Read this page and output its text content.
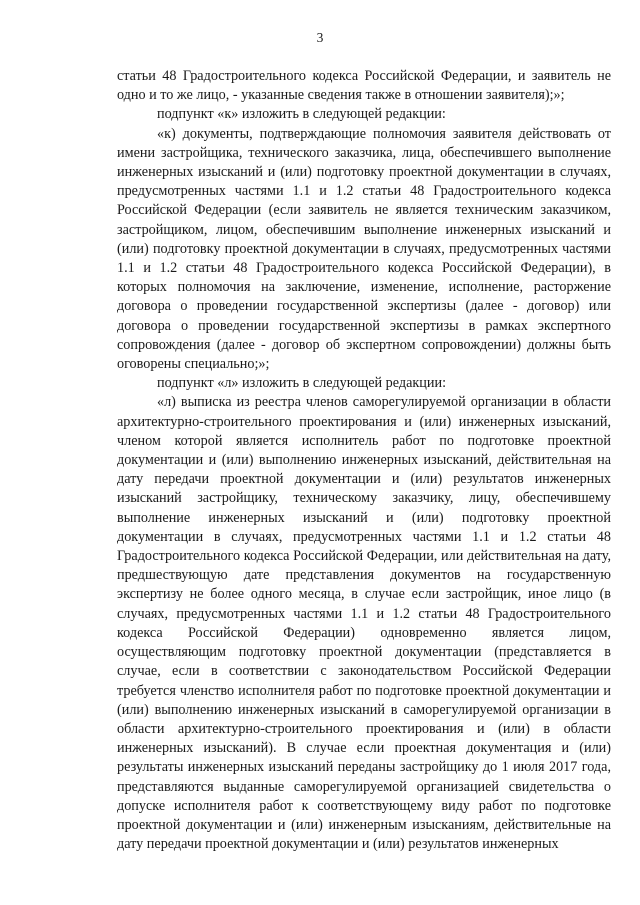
3

статьи 48 Градостроительного кодекса Российской Федерации, и заявитель не одно и то же лицо, - указанные сведения также в отношении заявителя);»;

подпункт «к» изложить в следующей редакции:

«к) документы, подтверждающие полномочия заявителя действовать от имени застройщика, технического заказчика, лица, обеспечившего выполнение инженерных изысканий и (или) подготовку проектной документации в случаях, предусмотренных частями 1.1 и 1.2 статьи 48 Градостроительного кодекса Российской Федерации (если заявитель не является техническим заказчиком, застройщиком, лицом, обеспечившим выполнение инженерных изысканий и (или) подготовку проектной документации в случаях, предусмотренных частями 1.1 и 1.2 статьи 48 Градостроительного кодекса Российской Федерации), в которых полномочия на заключение, изменение, исполнение, расторжение договора о проведении государственной экспертизы (далее - договор) или договора о проведении государственной экспертизы в рамках экспертного сопровождения (далее - договор об экспертном сопровождении) должны быть оговорены специально;»;

подпункт «л» изложить в следующей редакции:

«л) выписка из реестра членов саморегулируемой организации в области архитектурно-строительного проектирования и (или) инженерных изысканий, членом которой является исполнитель работ по подготовке проектной документации и (или) выполнению инженерных изысканий, действительная на дату передачи проектной документации и (или) результатов инженерных изысканий застройщику, техническому заказчику, лицу, обеспечившему выполнение инженерных изысканий и (или) подготовку проектной документации в случаях, предусмотренных частями 1.1 и 1.2 статьи 48 Градостроительного кодекса Российской Федерации, или действительная на дату, предшествующую дате представления документов на государственную экспертизу не более одного месяца, в случае если застройщик, иное лицо (в случаях, предусмотренных частями 1.1 и 1.2 статьи 48 Градостроительного кодекса Российской Федерации) одновременно является лицом, осуществляющим подготовку проектной документации (представляется в случае, если в соответствии с законодательством Российской Федерации требуется членство исполнителя работ по подготовке проектной документации и (или) выполнению инженерных изысканий в саморегулируемой организации в области архитектурно-строительного проектирования и (или) в области инженерных изысканий). В случае если проектная документация и (или) результаты инженерных изысканий переданы застройщику до 1 июля 2017 года, представляются выданные саморегулируемой организацией свидетельства о допуске исполнителя работ к соответствующему виду работ по подготовке проектной документации и (или) инженерным изысканиям, действительные на дату передачи проектной документации и (или) результатов инженерных
